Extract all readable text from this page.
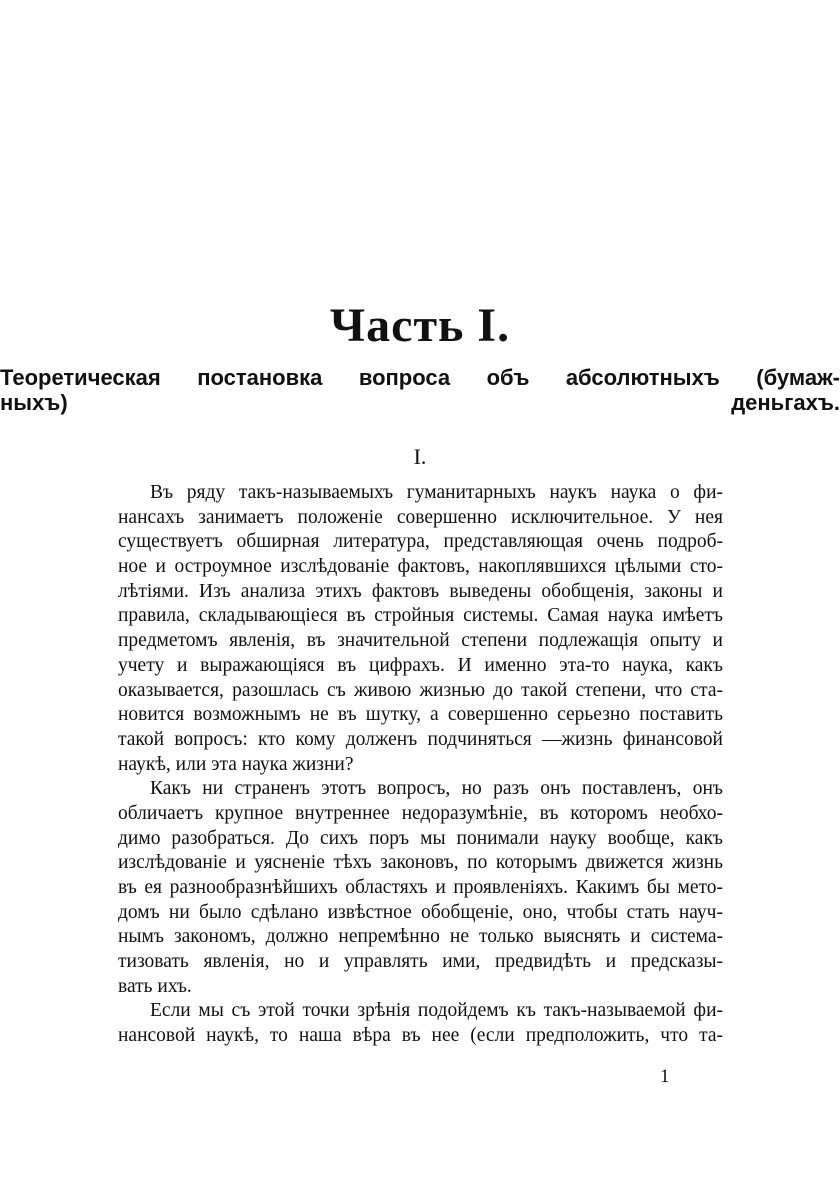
Часть I.
Теоретическая постановка вопроса объ абсолютныхъ (бумаж-
ныхъ) деньгахъ.
I.
Въ ряду такъ-называемыхъ гуманитарныхъ наукъ наука о фи-
нансахъ занимаетъ положеніе совершенно исключительное. У нея
существуетъ обширная литература, представляющая очень подроб-
ное и остроумное изслѣдованіе фактовъ, накоплявшихся цѣлыми сто-
лѣтіями. Изъ анализа этихъ фактовъ выведены обобщенія, законы и
правила, складывающіеся въ стройныя системы. Самая наука имѣетъ
предметомъ явленія, въ значительной степени подлежащія опыту и
учету и выражающіяся въ цифрахъ. И именно эта-то наука, какъ
оказывается, разошлась съ живою жизнью до такой степени, что ста-
новится возможнымъ не въ шутку, а совершенно серьезно поставить
такой вопросъ: кто кому долженъ подчиняться —жизнь финансовой
наукѣ, или эта наука жизни?
Какъ ни страненъ этотъ вопросъ, но разъ онъ поставленъ, онъ
обличаетъ крупное внутреннее недоразумѣніе, въ которомъ необхо-
димо разобраться. До сихъ поръ мы понимали науку вообще, какъ
изслѣдованіе и уясненіе тѣхъ законовъ, по которымъ движется жизнь
въ ея разнообразнѣйшихъ областяхъ и проявленіяхъ. Какимъ бы мето-
домъ ни было сдѣлано извѣстное обобщеніе, оно, чтобы стать науч-
нымъ закономъ, должно непремѣнно не только выяснять и система-
тизовать явленія, но и управлять ими, предвидѣть и предсказы-
вать ихъ.
Если мы съ этой точки зрѣнія подойдемъ къ такъ-называемой фи-
нансовой наукѣ, то наша вѣра въ нее (если предположить, что та-
1
